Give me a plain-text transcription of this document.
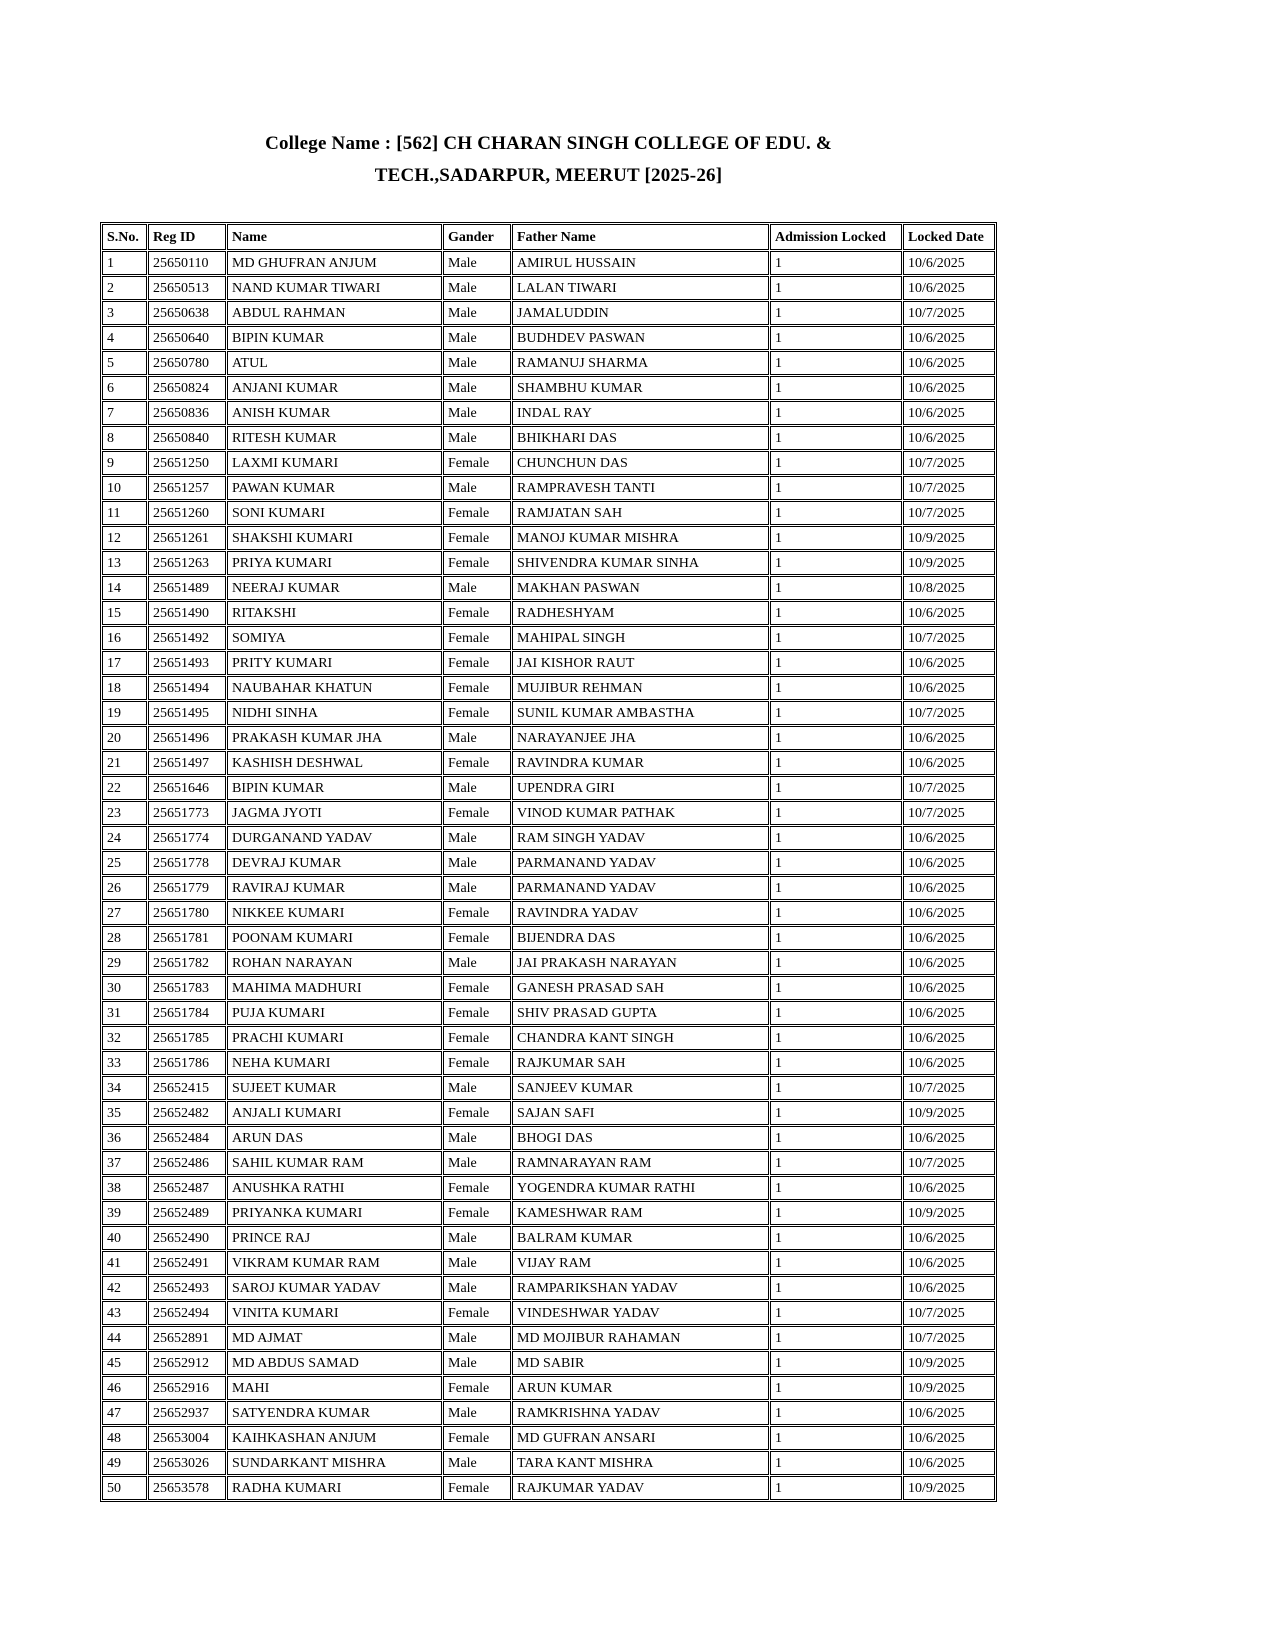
College Name : [562] CH CHARAN SINGH COLLEGE OF EDU. &
TECH.,SADARPUR, MEERUT [2025-26]
S.No.	Reg ID	Name	Gander	Father Name	Admission Locked	Locked Date
1	25650110	MD GHUFRAN ANJUM	Male	AMIRUL HUSSAIN	1	10/6/2025
2	25650513	NAND KUMAR TIWARI	Male	LALAN TIWARI	1	10/6/2025
3	25650638	ABDUL RAHMAN	Male	JAMALUDDIN	1	10/7/2025
4	25650640	BIPIN KUMAR	Male	BUDHDEV PASWAN	1	10/6/2025
5	25650780	ATUL	Male	RAMANUJ SHARMA	1	10/6/2025
6	25650824	ANJANI KUMAR	Male	SHAMBHU KUMAR	1	10/6/2025
7	25650836	ANISH KUMAR	Male	INDAL RAY	1	10/6/2025
8	25650840	RITESH KUMAR	Male	BHIKHARI DAS	1	10/6/2025
9	25651250	LAXMI KUMARI	Female	CHUNCHUN DAS	1	10/7/2025
10	25651257	PAWAN KUMAR	Male	RAMPRAVESH TANTI	1	10/7/2025
11	25651260	SONI KUMARI	Female	RAMJATAN SAH	1	10/7/2025
12	25651261	SHAKSHI KUMARI	Female	MANOJ KUMAR MISHRA	1	10/9/2025
13	25651263	PRIYA KUMARI	Female	SHIVENDRA KUMAR SINHA	1	10/9/2025
14	25651489	NEERAJ KUMAR	Male	MAKHAN PASWAN	1	10/8/2025
15	25651490	RITAKSHI	Female	RADHESHYAM	1	10/6/2025
16	25651492	SOMIYA	Female	MAHIPAL SINGH	1	10/7/2025
17	25651493	PRITY KUMARI	Female	JAI KISHOR RAUT	1	10/6/2025
18	25651494	NAUBAHAR KHATUN	Female	MUJIBUR REHMAN	1	10/6/2025
19	25651495	NIDHI SINHA	Female	SUNIL KUMAR AMBASTHA	1	10/7/2025
20	25651496	PRAKASH KUMAR JHA	Male	NARAYANJEE JHA	1	10/6/2025
21	25651497	KASHISH DESHWAL	Female	RAVINDRA KUMAR	1	10/6/2025
22	25651646	BIPIN KUMAR	Male	UPENDRA GIRI	1	10/7/2025
23	25651773	JAGMA JYOTI	Female	VINOD KUMAR PATHAK	1	10/7/2025
24	25651774	DURGANAND YADAV	Male	RAM SINGH YADAV	1	10/6/2025
25	25651778	DEVRAJ KUMAR	Male	PARMANAND YADAV	1	10/6/2025
26	25651779	RAVIRAJ KUMAR	Male	PARMANAND YADAV	1	10/6/2025
27	25651780	NIKKEE KUMARI	Female	RAVINDRA YADAV	1	10/6/2025
28	25651781	POONAM KUMARI	Female	BIJENDRA DAS	1	10/6/2025
29	25651782	ROHAN NARAYAN	Male	JAI PRAKASH NARAYAN	1	10/6/2025
30	25651783	MAHIMA MADHURI	Female	GANESH PRASAD SAH	1	10/6/2025
31	25651784	PUJA KUMARI	Female	SHIV PRASAD GUPTA	1	10/6/2025
32	25651785	PRACHI KUMARI	Female	CHANDRA KANT SINGH	1	10/6/2025
33	25651786	NEHA KUMARI	Female	RAJKUMAR SAH	1	10/6/2025
34	25652415	SUJEET KUMAR	Male	SANJEEV KUMAR	1	10/7/2025
35	25652482	ANJALI KUMARI	Female	SAJAN SAFI	1	10/9/2025
36	25652484	ARUN DAS	Male	BHOGI DAS	1	10/6/2025
37	25652486	SAHIL KUMAR RAM	Male	RAMNARAYAN RAM	1	10/7/2025
38	25652487	ANUSHKA RATHI	Female	YOGENDRA KUMAR RATHI	1	10/6/2025
39	25652489	PRIYANKA KUMARI	Female	KAMESHWAR RAM	1	10/9/2025
40	25652490	PRINCE RAJ	Male	BALRAM KUMAR	1	10/6/2025
41	25652491	VIKRAM KUMAR RAM	Male	VIJAY RAM	1	10/6/2025
42	25652493	SAROJ KUMAR YADAV	Male	RAMPARIKSHAN YADAV	1	10/6/2025
43	25652494	VINITA KUMARI	Female	VINDESHWAR YADAV	1	10/7/2025
44	25652891	MD AJMAT	Male	MD MOJIBUR RAHAMAN	1	10/7/2025
45	25652912	MD ABDUS SAMAD	Male	MD SABIR	1	10/9/2025
46	25652916	MAHI	Female	ARUN KUMAR	1	10/9/2025
47	25652937	SATYENDRA KUMAR	Male	RAMKRISHNA YADAV	1	10/6/2025
48	25653004	KAIHKASHAN ANJUM	Female	MD GUFRAN ANSARI	1	10/6/2025
49	25653026	SUNDARKANT MISHRA	Male	TARA KANT MISHRA	1	10/6/2025
50	25653578	RADHA KUMARI	Female	RAJKUMAR YADAV	1	10/9/2025
